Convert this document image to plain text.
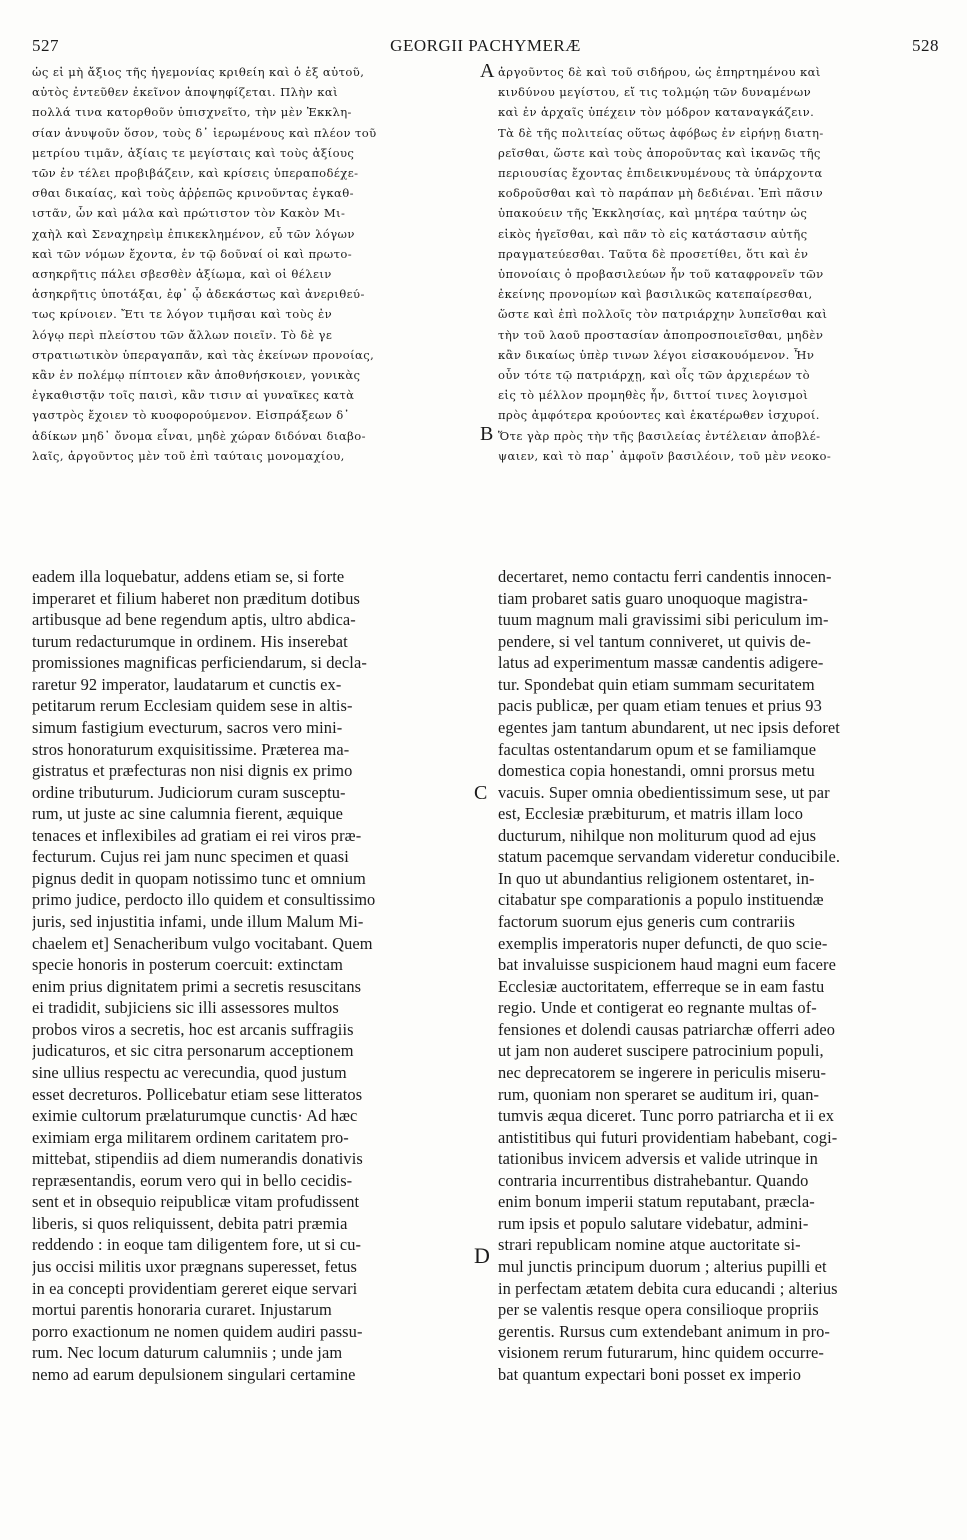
527	GEORGII PACHYMERÆ	528
ὡς εἰ μὴ ἄξιος τῆς ἡγεμονίας κριθείη καὶ ὁ ἐξ αὐτοῦ,
αὐτὸς ἐντεῦθεν ἐκεῖνον ἀποψηφίζεται. Πλὴν καὶ
πολλά τινα κατορθοῦν ὑπισχνεῖτο, τὴν μὲν Ἐκκλη-
σίαν ἀνυψοῦν ὅσον, τοὺς δ᾽ ἱερωμένους καὶ πλέον τοῦ
μετρίου τιμᾶν, ἀξίαις τε μεγίσταις καὶ τοὺς ἀξίους
τῶν ἐν τέλει προβιβάζειν, καὶ κρίσεις ὑπεραποδέχε-
σθαι δικαίας, καὶ τοὺς ἀῤῥεπῶς κρινοῦντας ἐγκαθ-
ιστᾶν, ὧν καὶ μάλα καὶ πρώτιστον τὸν Κακὸν Μι-
χαὴλ καὶ Σεναχηρεὶμ ἐπικεκλημένον, εὖ τῶν λόγων
καὶ τῶν νόμων ἔχοντα, ἐν τῷ δοῦναί οἱ καὶ πρωτο-
ασηκρῆτις πάλει σβεσθὲν ἀξίωμα, καὶ οἱ θέλειν
ἀσηκρῆτις ὑποτάξαι, ἐφ᾽ ᾧ ἀδεκάστως καὶ ἀνεριθεύ-
τως κρίνοιεν. Ἔτι τε λόγον τιμῆσαι καὶ τοὺς ἐν
λόγῳ περὶ πλείστου τῶν ἄλλων ποιεῖν. Τὸ δὲ γε
στρατιωτικὸν ὑπεραγαπᾶν, καὶ τὰς ἐκείνων προνοίας,
κἂν ἐν πολέμῳ πίπτοιεν κἂν ἀποθνήσκοιεν, γονικὰς
ἐγκαθιστᾷν τοῖς παισὶ, κἂν τισιν αἱ γυναῖκες κατὰ
γαστρὸς ἔχοιεν τὸ κυοφορούμενον. Εἰσπράξεων δ᾽
ἀδίκων μηδ᾽ ὄνομα εἶναι, μηδὲ χώραν διδόναι διαβο-
λαῖς, ἀργοῦντος μὲν τοῦ ἐπὶ ταύταις μονομαχίου,
ἀργοῦντος δὲ καὶ τοῦ σιδήρου, ὡς ἐπηρτημένου καὶ
κινδύνου μεγίστου, εἴ τις τολμῴη τῶν δυναμένων
καὶ ἐν ἀρχαῖς ὑπέχειν τὸν μόδρον καταναγκάζειν.
Τὰ δὲ τῆς πολιτείας οὕτως ἀφόβως ἐν εἰρήνῃ διατη-
ρεῖσθαι, ὥστε καὶ τοὺς ἀποροῦντας καὶ ἱκανῶς τῆς
περιουσίας ἔχοντας ἐπιδεικνυμένους τὰ ὑπάρχοντα
κοδροῦσθαι καὶ τὸ παράπαν μὴ δεδιέναι. Ἐπὶ πᾶσιν
ὑπακούειν τῆς Ἐκκλησίας, καὶ μητέρα ταύτην ὡς
εἰκὸς ἡγεῖσθαι, καὶ πᾶν τὸ εἰς κατάστασιν αὐτῆς
πραγματεύεσθαι. Ταῦτα δὲ προσετίθει, ὅτι καὶ ἐν
ὑπονοίαις ὁ προβασιλεύων ἦν τοῦ καταφρονεῖν τῶν
ἐκείνης προνομίων καὶ βασιλικῶς κατεπαίρεσθαι,
ὥστε καὶ ἐπὶ πολλοῖς τὸν πατριάρχην λυπεῖσθαι καὶ
τὴν τοῦ λαοῦ προστασίαν ἀποπροσποιεῖσθαι, μηδὲν
κἂν δικαίως ὑπὲρ τινων λέγοι εἰσακουόμενον. Ἦν
οὖν τότε τῷ πατριάρχῃ, καὶ οἷς τῶν ἀρχιερέων τὸ
εἰς τὸ μέλλον προμηθὲς ἦν, διττοί τινες λογισμοὶ
πρὸς ἀμφότερα κρούοντες καὶ ἑκατέρωθεν ἰσχυροί.
Ὅτε γὰρ πρὸς τὴν τῆς βασιλείας ἐντέλειαν ἀποβλέ-
ψαιεν, καὶ τὸ παρ᾽ ἀμφοῖν βασιλέοιν, τοῦ μὲν νεοκο-
eadem illa loquebatur, addens etiam se, si forte
imperaret et filium haberet non præditum dotibus
artibusque ad bene regendum aptis, ultro abdica-
turum redacturumque in ordinem. His inserebat
promissiones magnificas perficiendarum, si decla-
raretur 92 imperator, laudatarum et cunctis ex-
petitarum rerum Ecclesiam quidem sese in altis-
simum fastigium evecturum, sacros vero mini-
stros honoraturum exquisitissime. Præterea ma-
gistratus et præfecturas non nisi dignis ex primo
ordine tributurum. Judiciorum curam susceptu-
rum, ut juste ac sine calumnia fierent, æquique
tenaces et inflexibiles ad gratiam ei rei viros præ-
fecturum. Cujus rei jam nunc specimen et quasi
pignus dedit in quopam notissimo tunc et omnium
primo judice, perdocto illo quidem et consultissimo
juris, sed injustitia infami, unde illum Malum Mi-
chaelem et] Senacheribum vulgo vocitabant. Quem
specie honoris in posterum coercuit: extinctam
enim prius dignitatem primi a secretis resuscitans
ei tradidit, subjiciens sic illi assessores multos
probos viros a secretis, hoc est arcanis suffragiis
judicaturos, et sic citra personarum acceptionem
sine ullius respectu ac verecundia, quod justum
esset decreturos. Pollicebatur etiam sese litteratos
eximie cultorum prælaturumque cunctis· Ad hæc
eximiam erga militarem ordinem caritatem pro-
mittebat, stipendiis ad diem numerandis donativis
repræsentandis, eorum vero qui in bello cecidis-
sent et in obsequio reipublicæ vitam profudissent
liberis, si quos reliquissent, debita patri præmia
reddendo : in eoque tam diligentem fore, ut si cu-
jus occisi militis uxor prægnans superesset, fetus
in ea concepti providentiam gereret eique servari
mortui parentis honoraria curaret. Injustarum
porro exactionum ne nomen quidem audiri passu-
rum. Nec locum daturum calumniis ; unde jam
nemo ad earum depulsionem singulari certamine
decertaret, nemo contactu ferri candentis innocen-
tiam probaret satis guaro unoquoque magistra-
tuum magnum mali gravissimi sibi periculum im-
pendere, si vel tantum conniveret, ut quivis de-
latus ad experimentum massæ candentis adigere-
tur. Spondebat quin etiam summam securitatem
pacis publicæ, per quam etiam tenues et prius 93
egentes jam tantum abundarent, ut nec ipsis deforet
facultas ostentandarum opum et se familiamque
domestica copia honestandi, omni prorsus metu
vacuis. Super omnia obedientissimum sese, ut par
est, Ecclesiæ præbiturum, et matris illam loco
ducturum, nihilque non moliturum quod ad ejus
statum pacemque servandam videretur conducibile.
In quo ut abundantius religionem ostentaret, in-
citabatur spe comparationis a populo instituendæ
factorum suorum ejus generis cum contrariis
exemplis imperatoris nuper defuncti, de quo scie-
bat invaluisse suspicionem haud magni eum facere
Ecclesiæ auctoritatem, efferreque se in eam fastu
regio. Unde et contigerat eo regnante multas of-
fensiones et dolendi causas patriarchæ offerri adeo
ut jam non auderet suscipere patrocinium populi,
nec deprecatorem se ingerere in periculis miseru-
rum, quoniam non speraret se auditum iri, quan-
tumvis æqua diceret. Tunc porro patriarcha et ii ex
antistitibus qui futuri providentiam habebant, cogi-
tationibus invicem adversis et valide utrinque in
contraria incurrentibus distrahebantur. Quando
enim bonum imperii statum reputabant, præcla-
rum ipsis et populo salutare videbatur, admini-
strari republicam nomine atque auctoritate si-
mul junctis principum duorum ; alterius pupilli et
in perfectam ætatem debita cura educandi ; alterius
per se valentis resque opera consilioque propriis
gerentis. Rursus cum extendebant animum in pro-
visionem rerum futurarum, hinc quidem occurre-
bat quantum expectari boni posset ex imperio
A
B
C
D
